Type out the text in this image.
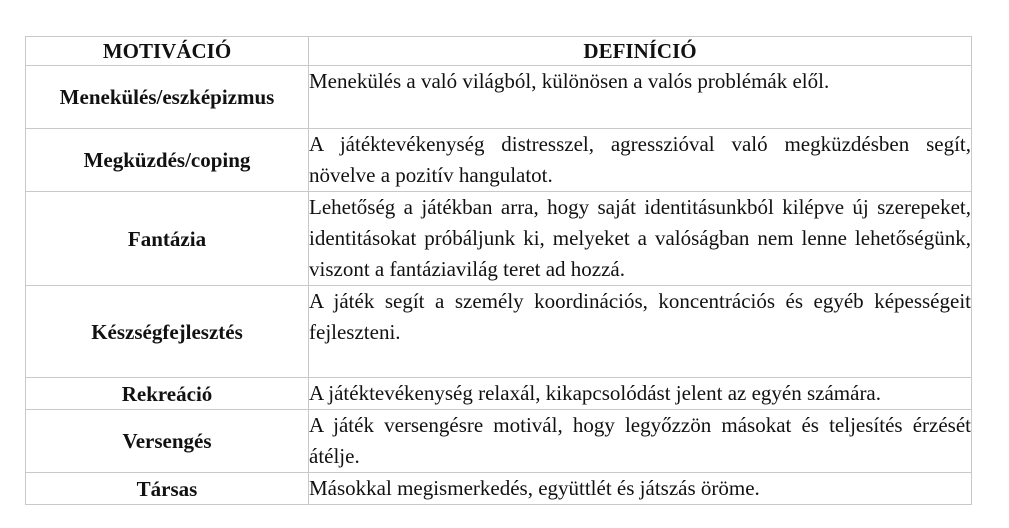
MOTIVÁCIÓ	DEFINÍCIÓ
Menekülés/eszképizmus	Menekülés a való világból, különösen a valós problémák elől.
Megküzdés/coping	A játéktevékenység distresszel, agresszióval való megküzdésben segít, növelve a pozitív hangulatot.
Fantázia	Lehetőség a játékban arra, hogy saját identitásunkból kilépve új szerepeket, identitásokat próbáljunk ki, melyeket a valóságban nem lenne lehetőségünk, viszont a fantáziavilág teret ad hozzá.
Készségfejlesztés	A játék segít a személy koordinációs, koncentrációs és egyéb képességeit fejleszteni.
Rekreáció	A játéktevékenység relaxál, kikapcsolódást jelent az egyén számára.
Versengés	A játék versengésre motivál, hogy legyőzzön másokat és teljesítés érzését átélje.
Társas	Másokkal megismerkedés, együttlét és játszás öröme.
